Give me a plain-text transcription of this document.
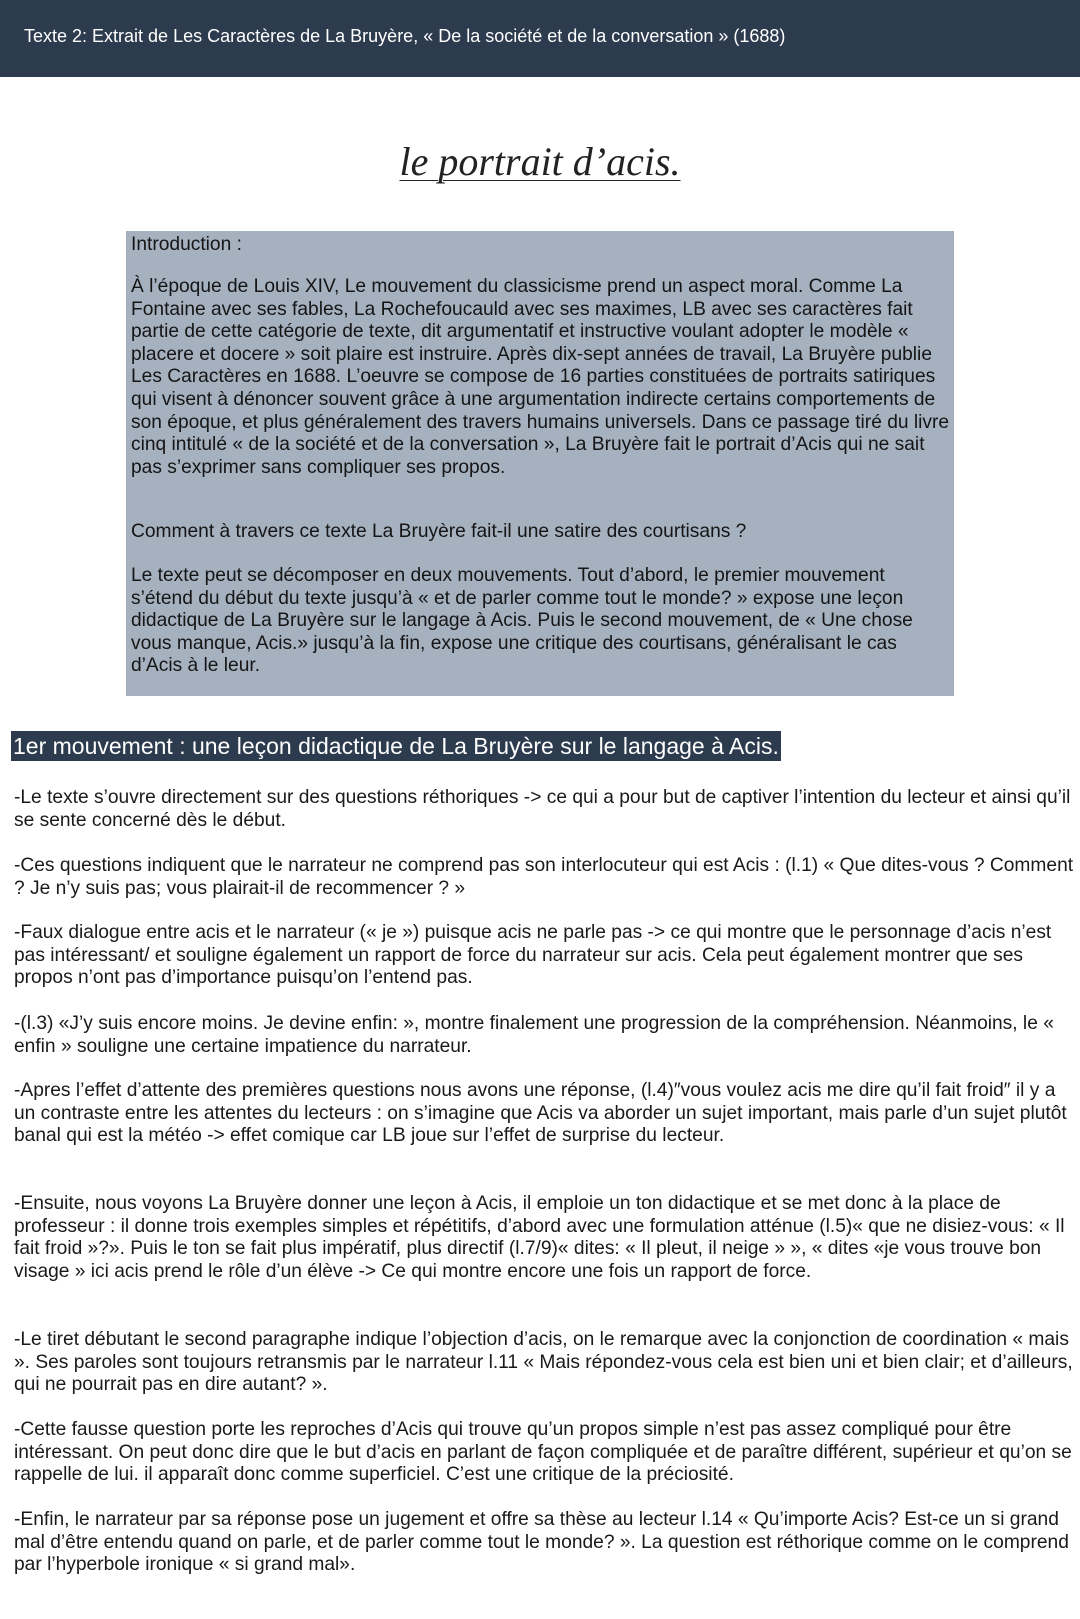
Texte 2: Extrait de Les Caractères de La Bruyère, « De la société et de la conversation » (1688)
le portrait d’acis.

Introduction :

À l’époque de Louis XIV, Le mouvement du classicisme prend un aspect moral. Comme La Fontaine avec ses fables, La Rochefoucauld avec ses maximes, LB avec ses caractères fait partie de cette catégorie de texte, dit argumentatif et instructive voulant adopter le modèle « placere et docere » soit plaire est instruire. Après dix-sept années de travail, La Bruyère publie Les Caractères en 1688. L’oeuvre se compose de 16 parties constituées de portraits satiriques qui visent à dénoncer souvent grâce à une argumentation indirecte certains comportements de son époque, et plus généralement des travers humains universels. Dans ce passage tiré du livre cinq intitulé « de la société et de la conversation », La Bruyère fait le portrait d’Acis qui ne sait pas s’exprimer sans compliquer ses propos.

Comment à travers ce texte La Bruyère fait-il une satire des courtisans ?

Le texte peut se décomposer en deux mouvements. Tout d’abord, le premier mouvement s’étend du début du texte jusqu’à « et de parler comme tout le monde? » expose une leçon didactique de La Bruyère sur le langage à Acis. Puis le second mouvement, de « Une chose vous manque, Acis.» jusqu’à la fin, expose une critique des courtisans, généralisant le cas d’Acis à le leur.

1er mouvement : une leçon didactique de La Bruyère sur le langage à Acis.

-Le texte s’ouvre directement sur des questions réthoriques -> ce qui a pour but de captiver l’intention du lecteur et ainsi qu’il se sente concerné dès le début.

-Ces questions indiquent que le narrateur ne comprend pas son interlocuteur qui est Acis : (l.1) « Que dites-vous ? Comment ? Je n’y suis pas; vous plairait-il de recommencer ? »

-Faux dialogue entre acis et le narrateur (« je ») puisque acis ne parle pas -> ce qui montre que le personnage d’acis n’est pas intéressant/ et souligne également un rapport de force du narrateur sur acis. Cela peut également montrer que ses propos n’ont pas d’importance puisqu’on l’entend pas.

-(l.3) «J’y suis encore moins. Je devine enfin: », montre finalement une progression de la compréhension. Néanmoins, le « enfin » souligne une certaine impatience du narrateur.

-Apres l’effet d’attente des premières questions nous avons une réponse, (l.4)″vous voulez acis me dire qu’il fait froid″ il y a un contraste entre les attentes du lecteurs : on s’imagine que Acis va aborder un sujet important, mais parle d’un sujet plutôt banal qui est la météo -> effet comique car LB joue sur l’effet de surprise du lecteur.

-Ensuite, nous voyons La Bruyère donner une leçon à Acis, il emploie un ton didactique et se met donc à la place de professeur : il donne trois exemples simples et répétitifs, d’abord avec une formulation atténue (l.5)« que ne disiez-vous: « Il fait froid »?». Puis le ton se fait plus impératif, plus directif (l.7/9)« dites: « Il pleut, il neige » », « dites «je vous trouve bon visage » ici acis prend le rôle d’un élève -> Ce qui montre encore une fois un rapport de force.

-Le tiret débutant le second paragraphe indique l’objection d’acis, on le remarque avec la conjonction de coordination « mais ». Ses paroles sont toujours retransmis par le narrateur l.11 « Mais répondez-vous cela est bien uni et bien clair; et d’ailleurs, qui ne pourrait pas en dire autant? ».

-Cette fausse question porte les reproches d’Acis qui trouve qu’un propos simple n’est pas assez compliqué pour être intéressant. On peut donc dire que le but d’acis en parlant de façon compliquée et de paraître différent, supérieur et qu’on se rappelle de lui. il apparaît donc comme superficiel. C’est une critique de la préciosité.

-Enfin, le narrateur par sa réponse pose un jugement et offre sa thèse au lecteur l.14 « Qu’importe Acis? Est-ce un si grand mal d’être entendu quand on parle, et de parler comme tout le monde? ». La question est réthorique comme on le comprend par l’hyperbole ironique « si grand mal».
